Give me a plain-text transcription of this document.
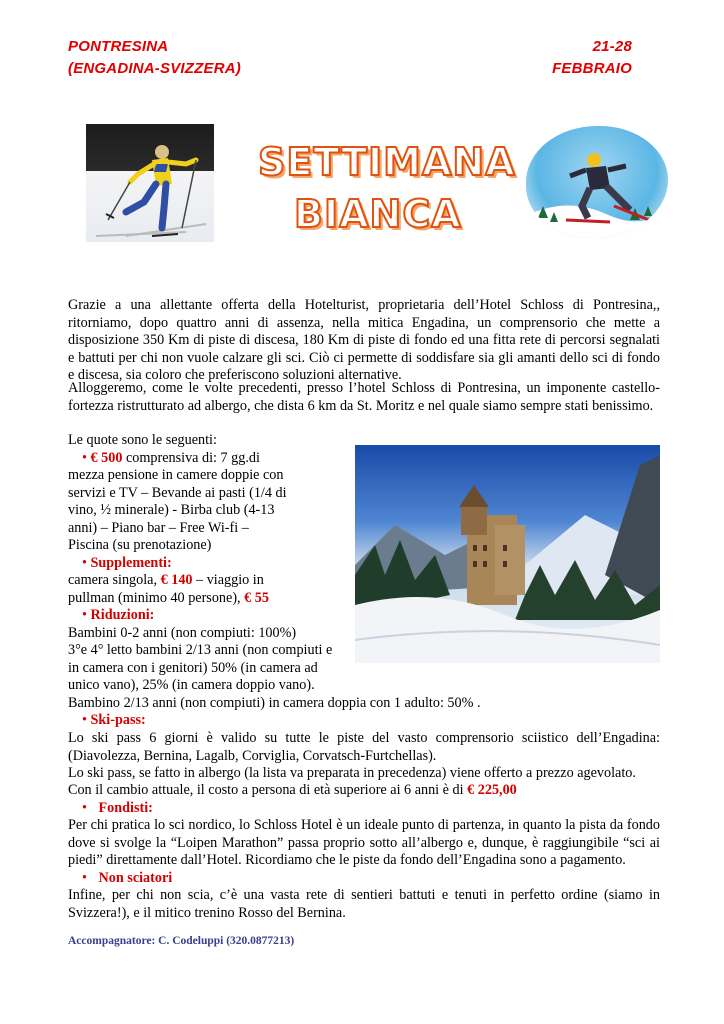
PONTRESINA
(ENGADINA-SVIZZERA)
21-28
FEBBRAIO
SETTIMANA
BIANCA
Grazie a una allettante offerta della Hotelturist, proprietaria dell’Hotel Schloss di Pontresina,, ritorniamo, dopo quattro anni di assenza, nella mitica Engadina, un comprensorio che mette a disposizione 350 Km di piste di discesa, 180 Km di piste di fondo ed una fitta rete di percorsi segnalati e battuti per chi non vuole calzare gli sci. Ciò ci permette di soddisfare sia gli amanti dello sci di fondo e discesa, sia coloro che preferiscono soluzioni alternative.
Alloggeremo, come le volte precedenti, presso l’hotel Schloss di Pontresina, un imponente castello-fortezza ristrutturato ad albergo, che dista 6 km da St. Moritz e nel quale siamo sempre stati benissimo.
Le quote sono le seguenti:
• € 500 comprensiva di: 7 gg.di
mezza pensione in camere doppie con
servizi e TV – Bevande ai pasti (1/4 di
vino, ½ minerale) - Birba club (4-13
anni) – Piano bar – Free Wi-fi –
Piscina (su prenotazione)
• Supplementi:
camera singola, € 140 – viaggio in
pullman (minimo 40 persone), € 55
• Riduzioni:
Bambini 0-2 anni (non compiuti: 100%)
3°e 4° letto bambini 2/13 anni (non compiuti e
in camera con i genitori) 50% (in camera ad
unico vano), 25% (in camera doppio vano).
Bambino 2/13 anni (non compiuti) in camera doppia con 1 adulto: 50% .
• Ski-pass:
Lo ski pass 6 giorni è valido su tutte le piste del vasto comprensorio sciistico dell’Engadina: (Diavolezza, Bernina, Lagalb, Corviglia, Corvatsch-Furtchellas).
Lo ski pass, se fatto in albergo (la lista va preparata in precedenza) viene offerto a prezzo agevolato.
Con il cambio attuale, il costo a persona di età superiore ai 6 anni è di € 225,00
• Fondisti:
Per chi pratica lo sci nordico, lo Schloss Hotel è un ideale punto di partenza, in quanto la pista da fondo dove si svolge la “Loipen Marathon” passa proprio sotto all’albergo e, dunque, è raggiungibile “sci ai piedi” direttamente dall’Hotel. Ricordiamo che le piste da fondo dell’Engadina sono a pagamento.
• Non sciatori
Infine, per chi non scia, c’è una vasta rete di sentieri battuti e tenuti in perfetto ordine (siamo in Svizzera!), e il mitico trenino Rosso del Bernina.
Accompagnatore: C. Codeluppi (320.0877213)
